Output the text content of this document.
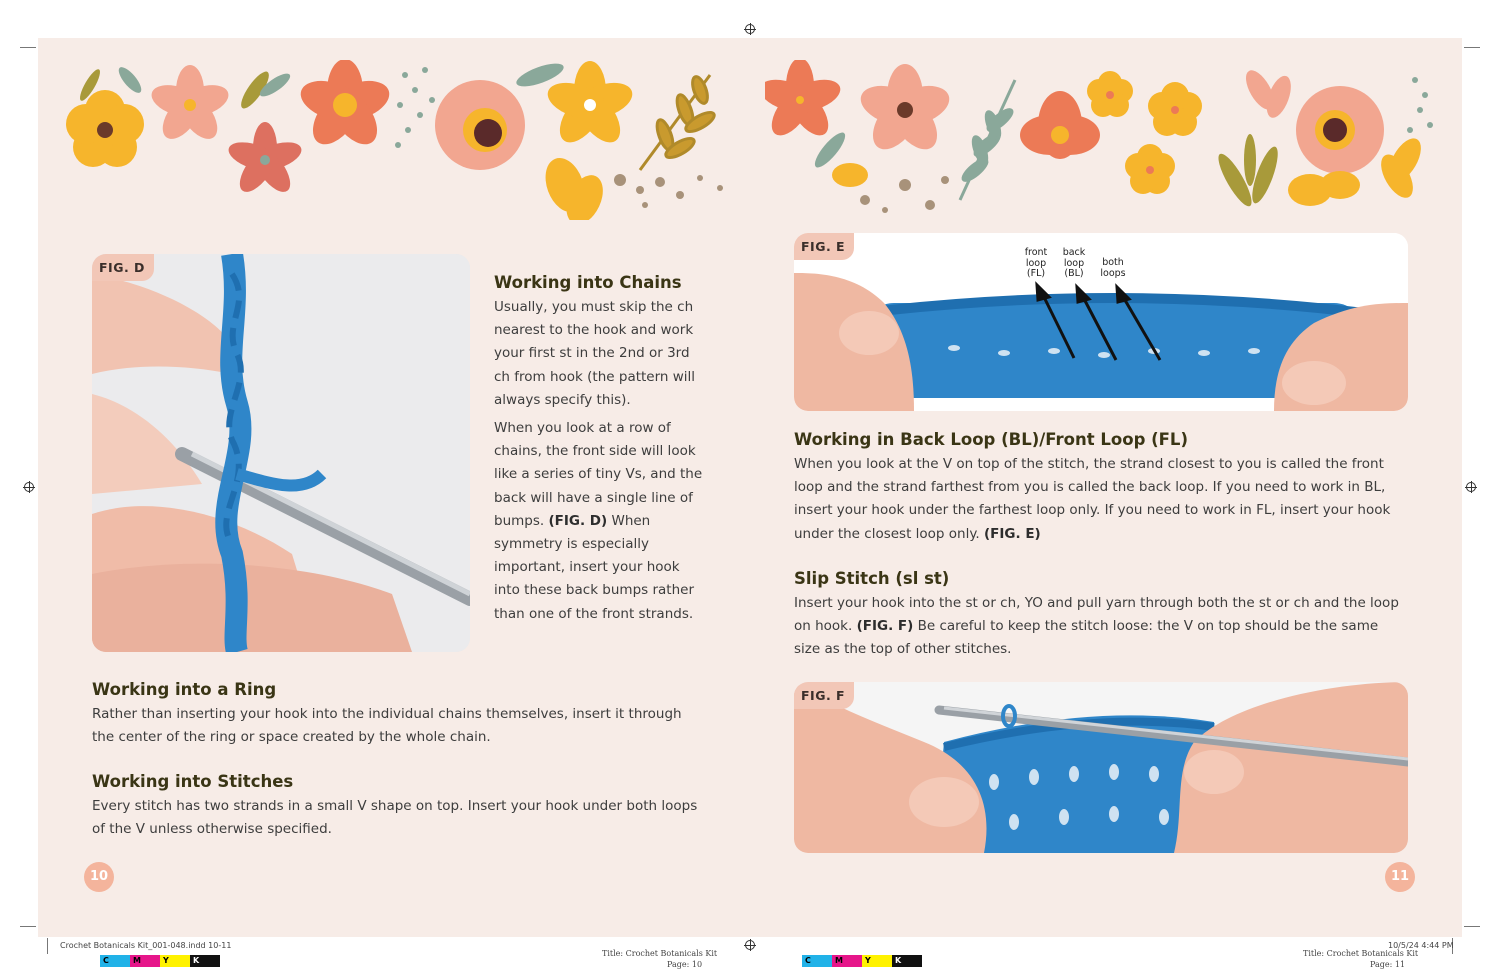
FIG. D
Working into Chains
Usually, you must skip the ch nearest to the hook and work your first st in the 2nd or 3rd ch from hook (the pattern will always specify this).
When you look at a row of chains, the front side will look like a series of tiny Vs, and the back will have a single line of bumps. (FIG. D) When symmetry is especially important, insert your hook into these back bumps rather than one of the front strands.
Working into a Ring
Rather than inserting your hook into the individual chains themselves, insert it through the center of the ring or space created by the whole chain.
Working into Stitches
Every stitch has two strands in a small V shape on top. Insert your hook under both loops of the V unless otherwise specified.
10
FIG. E	front
loop
(FL)
back
loop
(BL)
both
loops
Working in Back Loop (BL)/Front Loop (FL)
When you look at the V on top of the stitch, the strand closest to you is called the front loop and the strand farthest from you is called the back loop. If you need to work in BL, insert your hook under the farthest loop only. If you need to work in FL, insert your hook under the closest loop only. (FIG. E)
Slip Stitch (sl st)
Insert your hook into the st or ch, YO and pull yarn through both the st or ch and the loop on hook. (FIG. F) Be careful to keep the stitch loose: the V on top should be the same size as the top of other stitches.
FIG. F
11
Crochet Botanicals Kit_001-048.indd 10-11
Title: Crochet Botanicals Kit
Page: 10
10/5/24 4:44 PM
Title: Crochet Botanicals Kit
Page: 11
C	M	Y	K	C	M	Y	K
